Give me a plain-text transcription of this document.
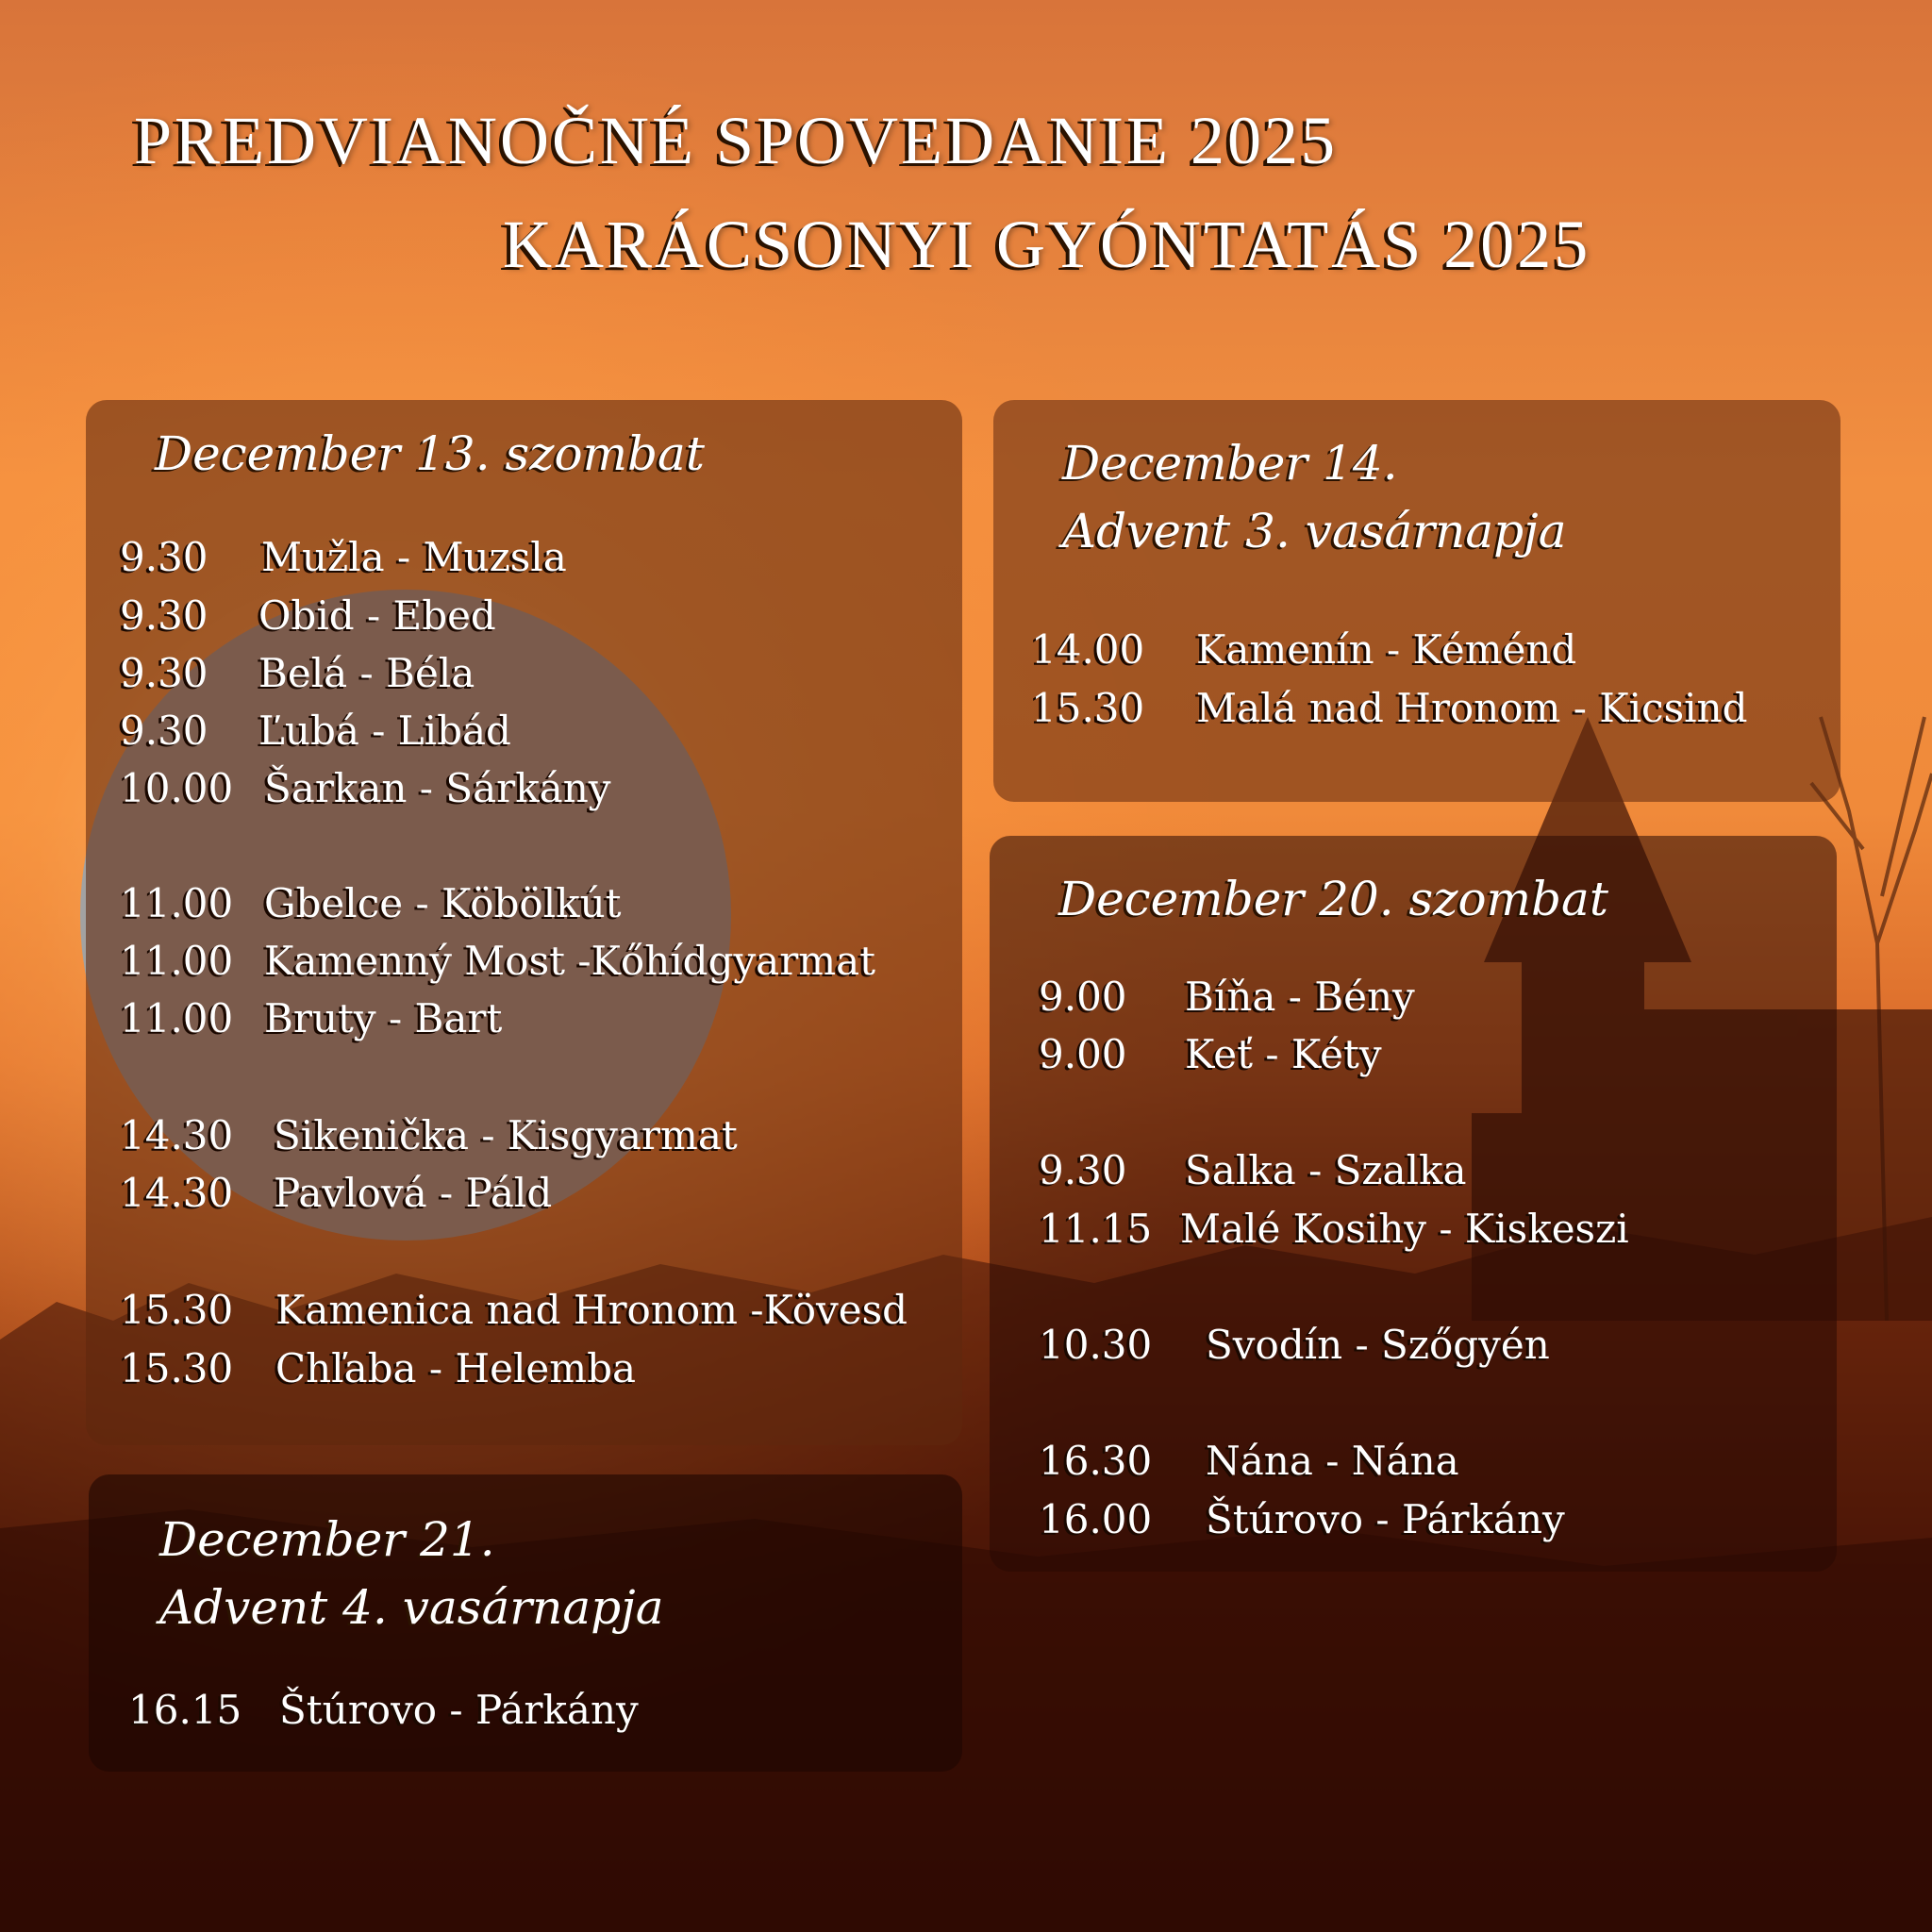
PREDVIANOČNÉ SPOVEDANIE 2025
KARÁCSONYI GYÓNTATÁS 2025
December 13. szombat
9.30 Mužla - Muzsla
9.30 Obid - Ebed
9.30 Belá - Béla
9.30 Ľubá - Libád
10.00 Šarkan - Sárkány
11.00 Gbelce - Köbölkút
11.00 Kamenný Most -Kőhídgyarmat
11.00 Bruty - Bart
14.30 Sikenička - Kisgyarmat
14.30 Pavlová - Páld
15.30 Kamenica nad Hronom -Kövesd
15.30 Chľaba - Helemba
December 14.
Advent 3. vasárnapja
14.00 Kamenín - Kéménd
15.30 Malá nad Hronom - Kicsind
December 20. szombat
9.00 Bíňa - Bény
9.00 Keť - Kéty
9.30 Salka - Szalka
11.15 Malé Kosihy - Kiskeszi
10.30 Svodín - Szőgyén
16.30 Nána - Nána
16.00 Štúrovo - Párkány
December 21.
Advent 4. vasárnapja
16.15 Štúrovo - Párkány
